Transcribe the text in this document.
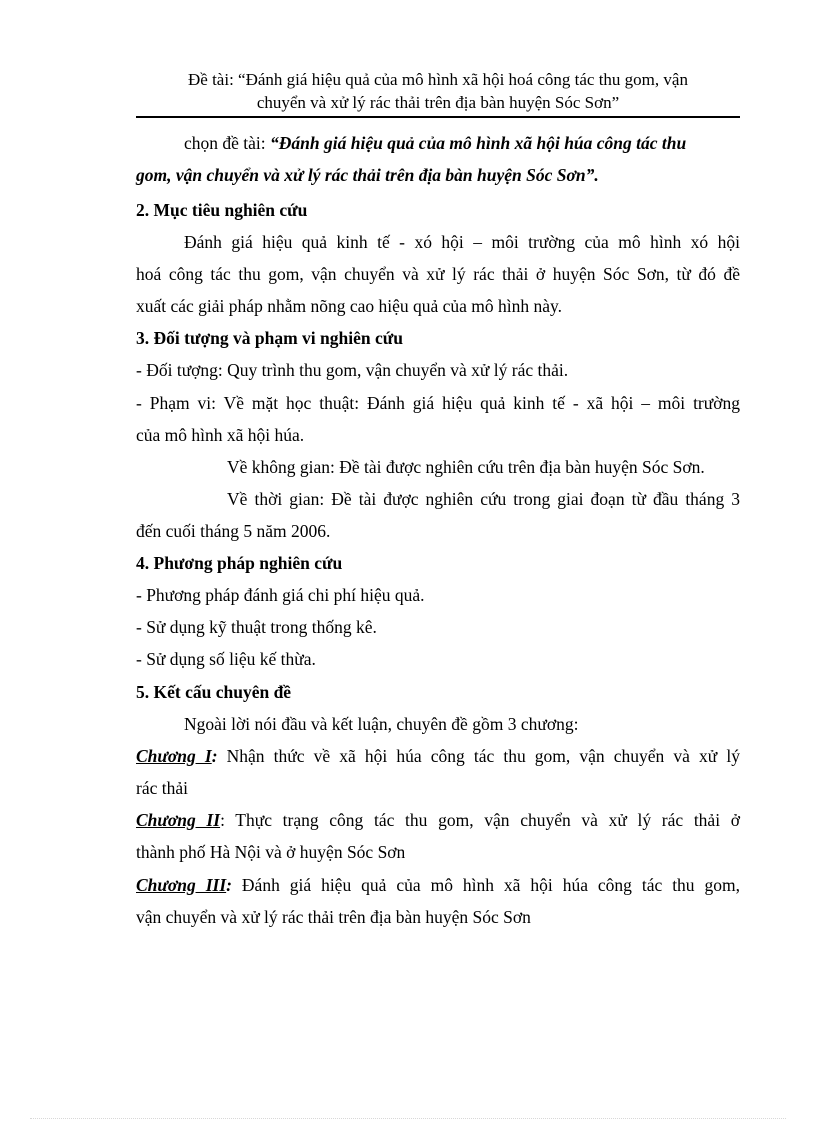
Đề tài: “Đánh giá hiệu quả của mô hình xã hội hoá công tác thu gom, vận
chuyển và xử lý rác thải trên địa bàn huyện Sóc Sơn”
chọn đề tài: “Đánh giá hiệu quả của mô hình xã hội húa công tác thu
gom, vận chuyển và xử lý rác thải trên địa bàn huyện Sóc Sơn”.
2. Mục tiêu nghiên cứu
Đánh giá hiệu quả kinh tế - xó hội – môi trường của mô hình xó hội
hoá công tác thu gom, vận chuyển và xử lý rác thải ở huyện Sóc Sơn, từ đó đề
xuất các giải pháp nhằm nõng cao hiệu quả của mô hình này.
3. Đối tượng và phạm vi nghiên cứu
- Đối tượng: Quy trình thu gom, vận chuyển và xử lý rác thải.
- Phạm vi: Về mặt học thuật: Đánh giá hiệu quả kinh tế - xã hội – môi trường
của mô hình xã hội húa.
Về không gian: Đề tài được nghiên cứu trên địa bàn huyện Sóc Sơn.
Về thời gian: Đề tài được nghiên cứu trong giai đoạn từ đầu tháng 3
đến cuối tháng 5 năm 2006.
4. Phương pháp nghiên cứu
- Phương pháp đánh giá chi phí hiệu quả.
- Sử dụng kỹ thuật trong thống kê.
- Sử dụng số liệu kế thừa.
5. Kết cấu chuyên đề
Ngoài lời nói đầu và kết luận, chuyên đề gồm 3 chương:
Chương I: Nhận thức về xã hội húa công tác thu gom, vận chuyển và xử lý
rác thải
Chương II: Thực trạng công tác thu gom, vận chuyển và xử lý rác thải ở
thành phố Hà Nội và ở huyện Sóc Sơn
Chương III: Đánh giá hiệu quả của mô hình xã hội húa công tác thu gom,
vận chuyển và xử lý rác thải trên địa bàn huyện Sóc Sơn
